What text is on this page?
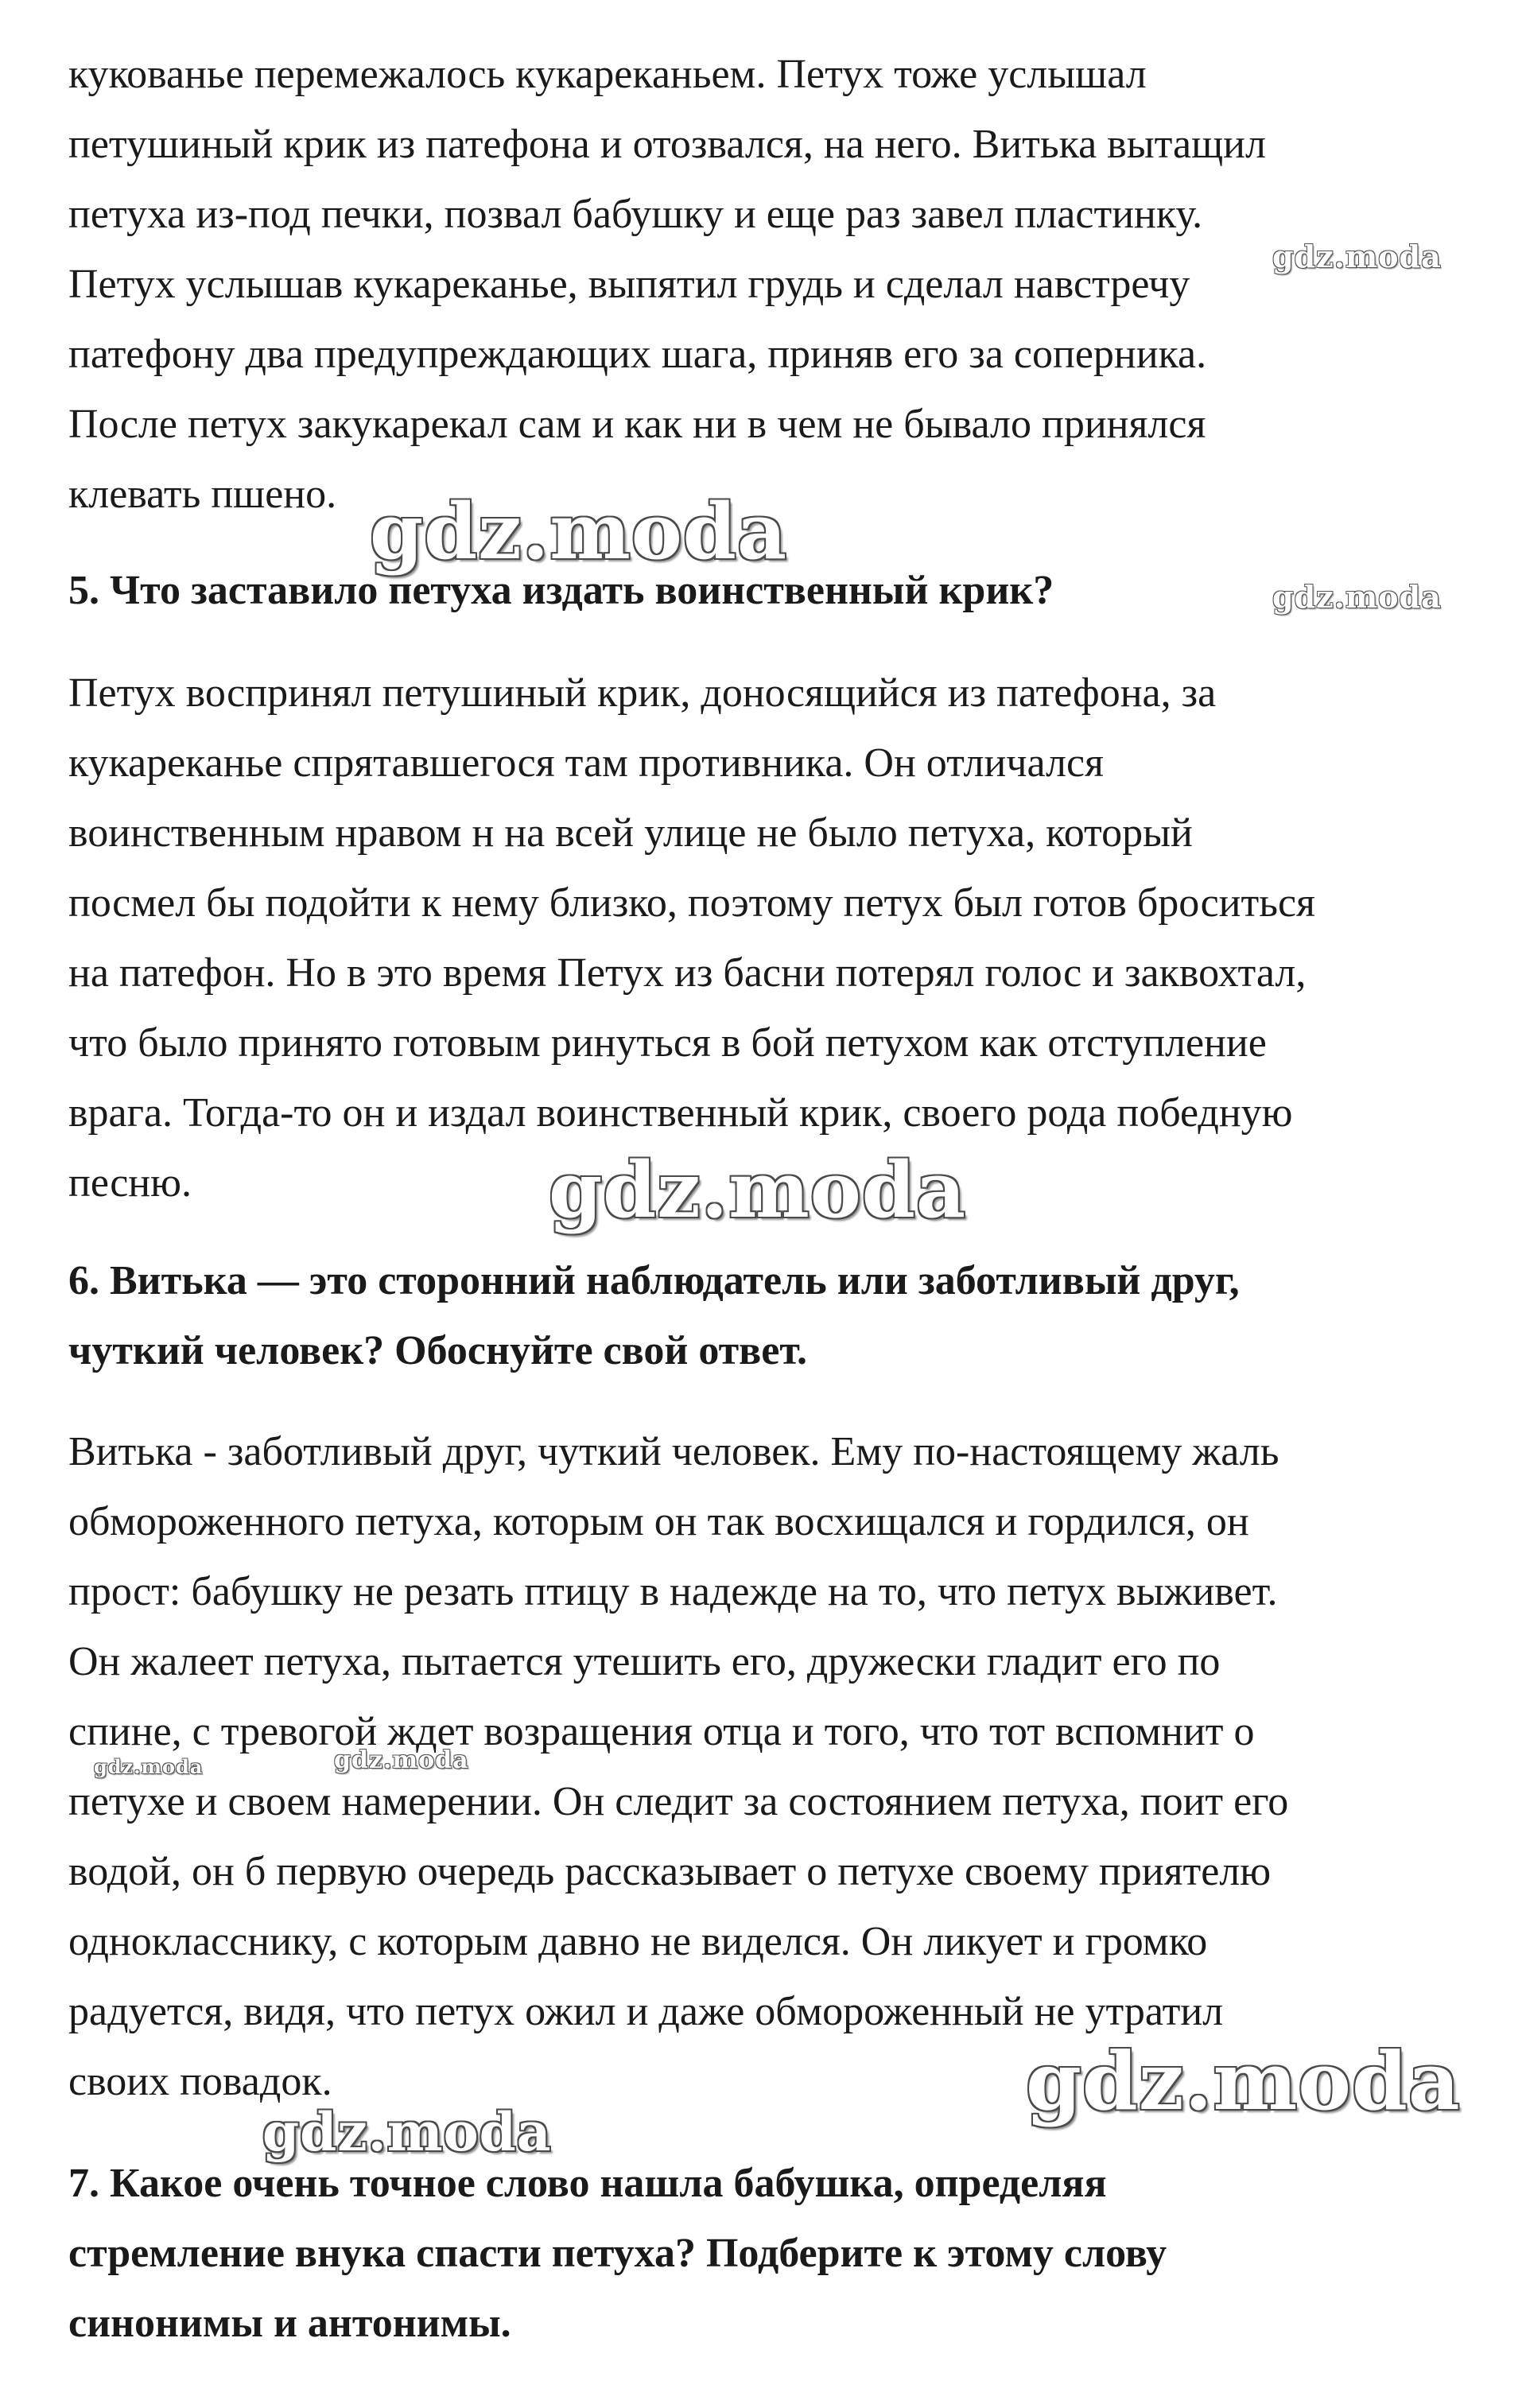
кукованье перемежалось кукареканьем. Петух тоже услышал

петушиный крик из патефона и отозвался, на него. Витька вытащил

петуха из-под печки, позвал бабушку и еще раз завел пластинку.

Петух услышав кукареканье, выпятил грудь и сделал навстречу

патефону два предупреждающих шага, приняв его за соперника.

После петух закукарекал сам и как ни в чем не бывало принялся

клевать пшено.

5. Что заставило петуха издать воинственный крик?

Петух воспринял петушиный крик, доносящийся из патефона, за

кукареканье спрятавшегося там противника. Он отличался

воинственным нравом н на всей улице не было петуха, который

посмел бы подойти к нему близко, поэтому петух был готов броситься

на патефон. Но в это время Петух из басни потерял голос и заквохтал,

что было принято готовым ринуться в бой петухом как отступление

врага. Тогда-то он и издал воинственный крик, своего рода победную

песню.

6. Витька — это сторонний наблюдатель или заботливый друг,

чуткий человек? Обоснуйте свой ответ.

Витька - заботливый друг, чуткий человек. Ему по-настоящему жаль

обмороженного петуха, которым он так восхищался и гордился, он

прост: бабушку не резать птицу в надежде на то, что петух выживет.

Он жалеет петуха, пытается утешить его, дружески гладит его по

спине, с тревогой ждет возращения отца и того, что тот вспомнит о

петухе и своем намерении. Он следит за состоянием петуха, поит его

водой, он б первую очередь рассказывает о петухе своему приятелю

однокласснику, с которым давно не виделся. Он ликует и громко

радуется, видя, что петух ожил и даже обмороженный не утратил

своих повадок.

7. Какое очень точное слово нашла бабушка, определяя

стремление внука спасти петуха? Подберите к этому слову

синонимы и антонимы.

gdz.moda

gdz.moda

gdz.moda

gdz.moda

gdz.moda	gdz.moda

gdz.moda

gdz.moda
